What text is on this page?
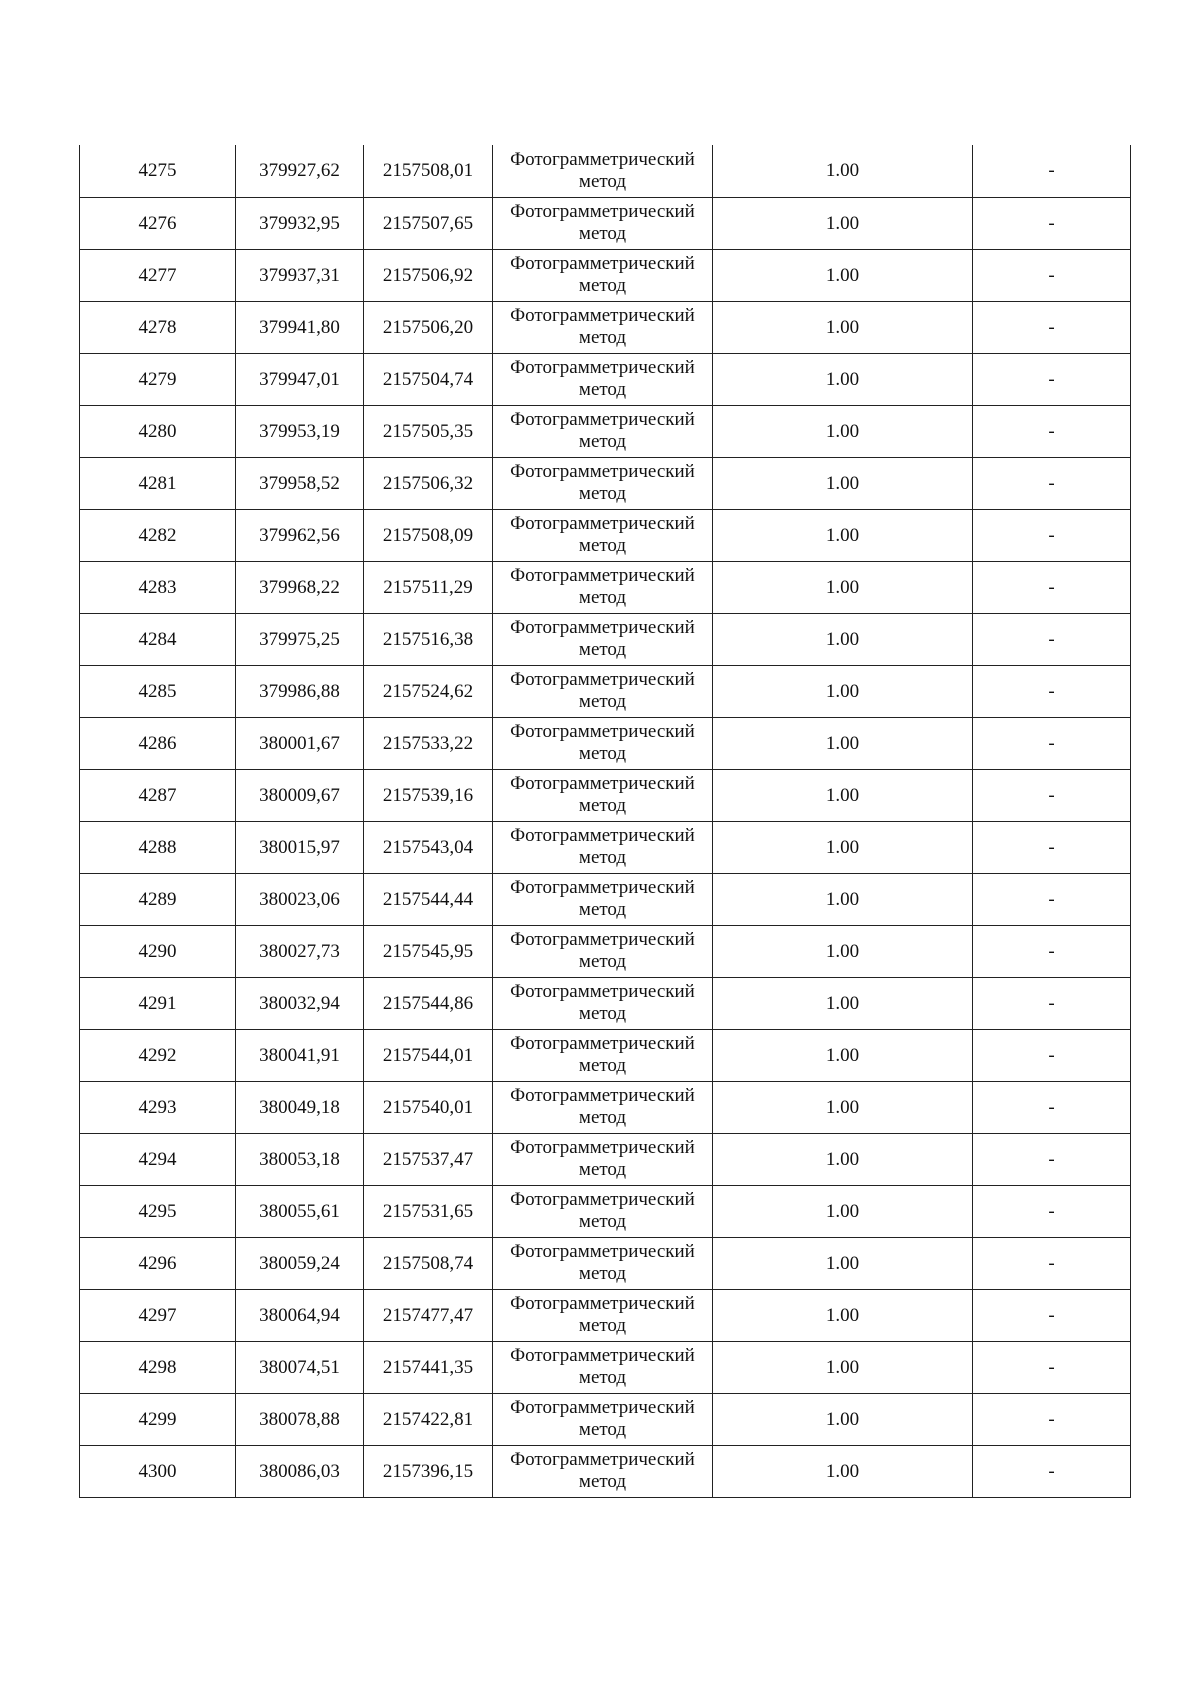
4275	379927,62	2157508,01	Фотограмметрический
метод	1.00	-
4276	379932,95	2157507,65	Фотограмметрический
метод	1.00	-
4277	379937,31	2157506,92	Фотограмметрический
метод	1.00	-
4278	379941,80	2157506,20	Фотограмметрический
метод	1.00	-
4279	379947,01	2157504,74	Фотограмметрический
метод	1.00	-
4280	379953,19	2157505,35	Фотограмметрический
метод	1.00	-
4281	379958,52	2157506,32	Фотограмметрический
метод	1.00	-
4282	379962,56	2157508,09	Фотограмметрический
метод	1.00	-
4283	379968,22	2157511,29	Фотограмметрический
метод	1.00	-
4284	379975,25	2157516,38	Фотограмметрический
метод	1.00	-
4285	379986,88	2157524,62	Фотограмметрический
метод	1.00	-
4286	380001,67	2157533,22	Фотограмметрический
метод	1.00	-
4287	380009,67	2157539,16	Фотограмметрический
метод	1.00	-
4288	380015,97	2157543,04	Фотограмметрический
метод	1.00	-
4289	380023,06	2157544,44	Фотограмметрический
метод	1.00	-
4290	380027,73	2157545,95	Фотограмметрический
метод	1.00	-
4291	380032,94	2157544,86	Фотограмметрический
метод	1.00	-
4292	380041,91	2157544,01	Фотограмметрический
метод	1.00	-
4293	380049,18	2157540,01	Фотограмметрический
метод	1.00	-
4294	380053,18	2157537,47	Фотограмметрический
метод	1.00	-
4295	380055,61	2157531,65	Фотограмметрический
метод	1.00	-
4296	380059,24	2157508,74	Фотограмметрический
метод	1.00	-
4297	380064,94	2157477,47	Фотограмметрический
метод	1.00	-
4298	380074,51	2157441,35	Фотограмметрический
метод	1.00	-
4299	380078,88	2157422,81	Фотограмметрический
метод	1.00	-
4300	380086,03	2157396,15	Фотограмметрический
метод	1.00	-
